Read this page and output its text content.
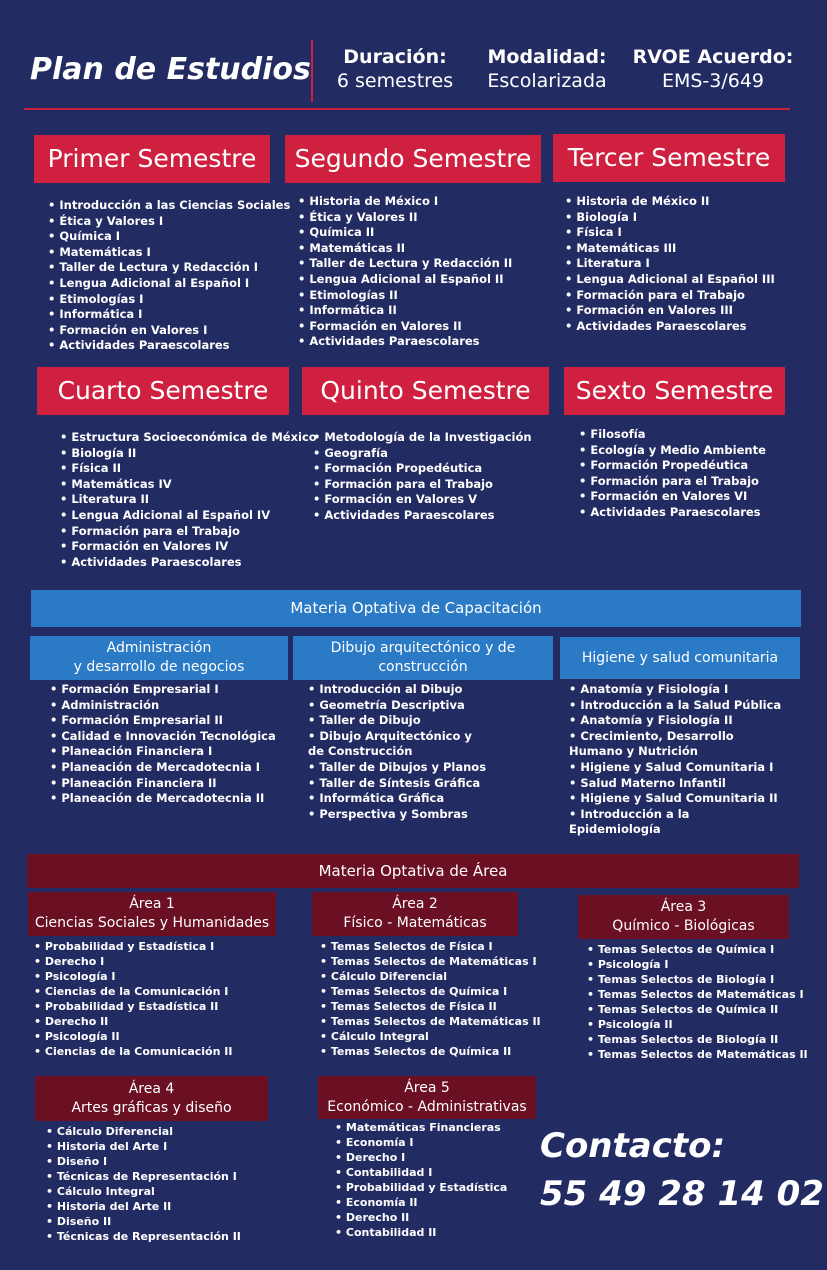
Plan de Estudios	Duración:
6 semestres
Modalidad:
Escolarizada
RVOE Acuerdo:
EMS-3/649
Primer Semestre
• Introducción a las Ciencias Sociales
• Ética y Valores I
• Química I
• Matemáticas I
• Taller de Lectura y Redacción I
• Lengua Adicional al Español I
• Etimologías I
• Informática I
• Formación en Valores I
• Actividades Paraescolares
Segundo Semestre
• Historia de México I
• Ética y Valores II
• Química II
• Matemáticas II
• Taller de Lectura y Redacción II
• Lengua Adicional al Español II
• Etimologías II
• Informática II
• Formación en Valores II
• Actividades Paraescolares
Tercer Semestre
• Historia de México II
• Biología I
• Física I
• Matemáticas III
• Literatura I
• Lengua Adicional al Español III
• Formación para el Trabajo
• Formación en Valores III
• Actividades Paraescolares
Cuarto Semestre
• Estructura Socioeconómica de México
• Biología II
• Física II
• Matemáticas IV
• Literatura II
• Lengua Adicional al Español IV
• Formación para el Trabajo
• Formación en Valores IV
• Actividades Paraescolares
Quinto Semestre
• Metodología de la Investigación
• Geografía
• Formación Propedéutica
• Formación para el Trabajo
• Formación en Valores V
• Actividades Paraescolares
Sexto Semestre
• Filosofía
• Ecología y Medio Ambiente
• Formación Propedéutica
• Formación para el Trabajo
• Formación en Valores VI
• Actividades Paraescolares
Materia Optativa de Capacitación
Administración
y desarrollo de negocios
• Formación Empresarial I
• Administración
• Formación Empresarial II
• Calidad e Innovación Tecnológica
• Planeación Financiera I
• Planeación de Mercadotecnia I
• Planeación Financiera II
• Planeación de Mercadotecnia II
Dibujo arquitectónico y de
construcción
• Introducción al Dibujo
• Geometría Descriptiva
• Taller de Dibujo
• Dibujo Arquitectónico y de Construcción
• Taller de Dibujos y Planos
• Taller de Síntesis Gráfica
• Informática Gráfica
• Perspectiva y Sombras
Higiene y salud comunitaria
• Anatomía y Fisiología I
• Introducción a la Salud Pública
• Anatomía y Fisiología II
• Crecimiento, Desarrollo Humano y Nutrición
• Higiene y Salud Comunitaria I
• Salud Materno Infantil
• Higiene y Salud Comunitaria II
• Introducción a la Epidemiología
Materia Optativa de Área
Área 1
Ciencias Sociales y Humanidades
• Probabilidad y Estadística I
• Derecho I
• Psicología I
• Ciencias de la Comunicación I
• Probabilidad y Estadística II
• Derecho II
• Psicología II
• Ciencias de la Comunicación II
Área 2
Físico - Matemáticas
• Temas Selectos de Física I
• Temas Selectos de Matemáticas I
• Cálculo Diferencial
• Temas Selectos de Química I
• Temas Selectos de Física II
• Temas Selectos de Matemáticas II
• Cálculo Integral
• Temas Selectos de Química II
Área 3
Químico - Biológicas
• Temas Selectos de Química I
• Psicología I
• Temas Selectos de Biología I
• Temas Selectos de Matemáticas I
• Temas Selectos de Química II
• Psicología II
• Temas Selectos de Biología II
• Temas Selectos de Matemáticas II
Área 4
Artes gráficas y diseño
• Cálculo Diferencial
• Historia del Arte I
• Diseño I
• Técnicas de Representación I
• Cálculo Integral
• Historia del Arte II
• Diseño II
• Técnicas de Representación II
Área 5
Económico - Administrativas
• Matemáticas Financieras
• Economía I
• Derecho I
• Contabilidad I
• Probabilidad y Estadística
• Economía II
• Derecho II
• Contabilidad II
Contacto:
55 49 28 14 02
